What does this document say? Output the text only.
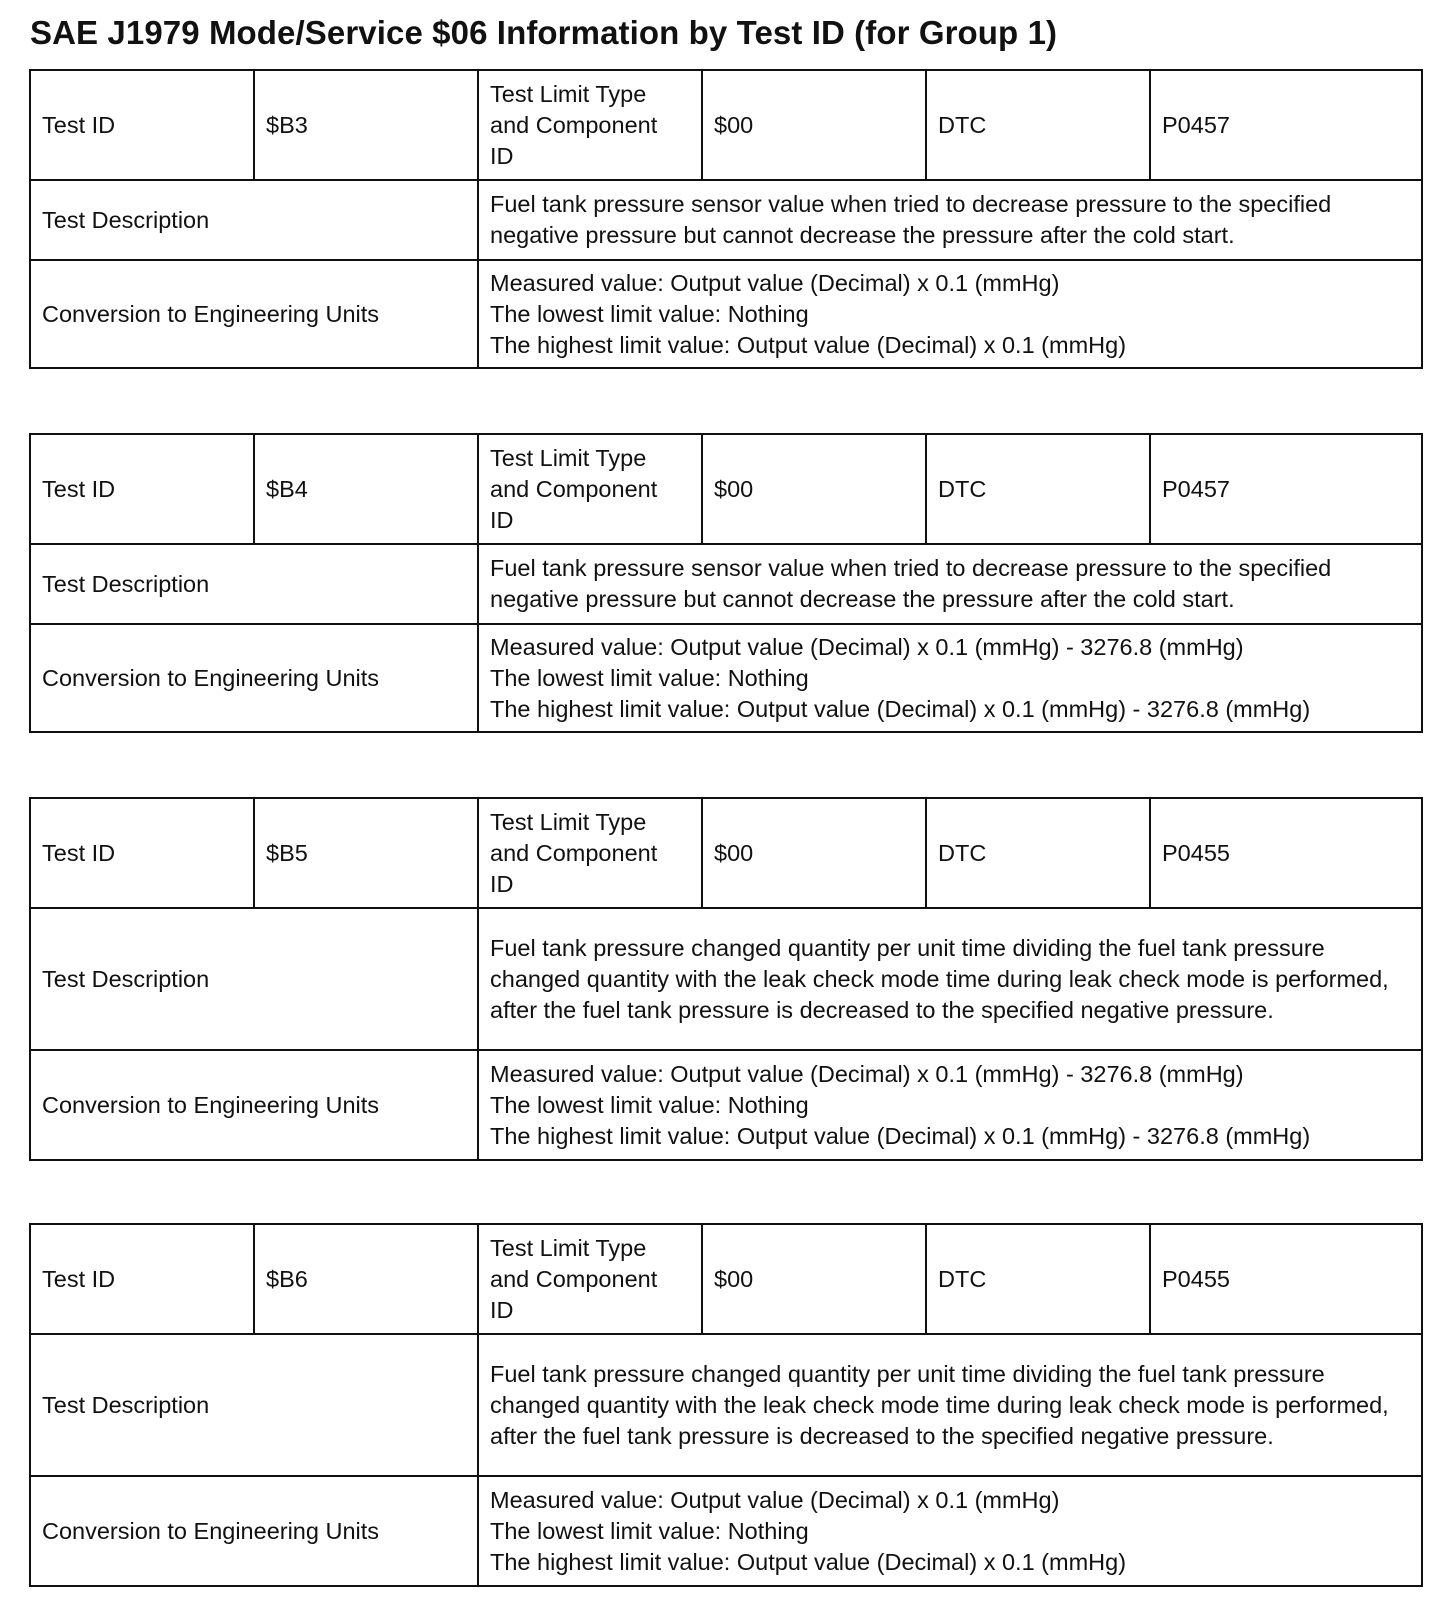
SAE J1979 Mode/Service $06 Information by Test ID (for Group 1)
Test ID	$B3	Test Limit Type
and Component
ID	$00	DTC	P0457
Test Description		Fuel tank pressure sensor value when tried to decrease pressure to the specified negative pressure but cannot decrease the pressure after the cold start.			
Conversion to Engineering Units		Measured value: Output value (Decimal) x 0.1 (mmHg)
The lowest limit value: Nothing
The highest limit value: Output value (Decimal) x 0.1 (mmHg)			
Test ID	$B4	Test Limit Type
and Component
ID	$00	DTC	P0457
Test Description		Fuel tank pressure sensor value when tried to decrease pressure to the specified negative pressure but cannot decrease the pressure after the cold start.			
Conversion to Engineering Units		Measured value: Output value (Decimal) x 0.1 (mmHg) - 3276.8 (mmHg)
The lowest limit value: Nothing
The highest limit value: Output value (Decimal) x 0.1 (mmHg) - 3276.8 (mmHg)			
Test ID	$B5	Test Limit Type
and Component
ID	$00	DTC	P0455
Test Description		Fuel tank pressure changed quantity per unit time dividing the fuel tank pressure changed quantity with the leak check mode time during leak check mode is performed, after the fuel tank pressure is decreased to the specified negative pressure.			
Conversion to Engineering Units		Measured value: Output value (Decimal) x 0.1 (mmHg) - 3276.8 (mmHg)
The lowest limit value: Nothing
The highest limit value: Output value (Decimal) x 0.1 (mmHg) - 3276.8 (mmHg)			
Test ID	$B6	Test Limit Type
and Component
ID	$00	DTC	P0455
Test Description		Fuel tank pressure changed quantity per unit time dividing the fuel tank pressure changed quantity with the leak check mode time during leak check mode is performed, after the fuel tank pressure is decreased to the specified negative pressure.			
Conversion to Engineering Units		Measured value: Output value (Decimal) x 0.1 (mmHg)
The lowest limit value: Nothing
The highest limit value: Output value (Decimal) x 0.1 (mmHg)			
